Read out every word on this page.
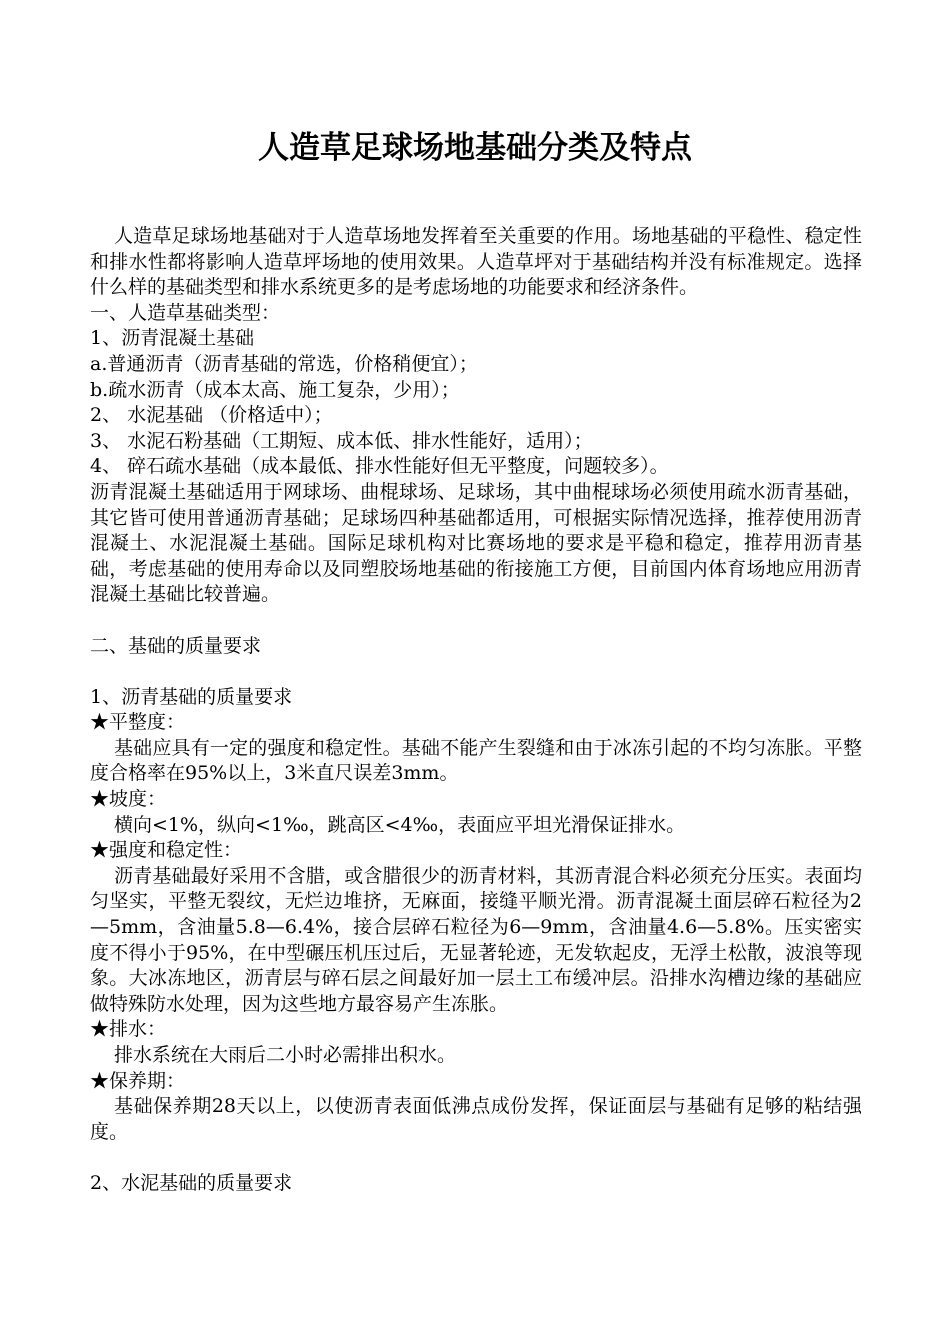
人造草足球场地基础分类及特点

人造草足球场地基础对于人造草场地发挥着至关重要的作用。场地基础的平稳性、稳定性和排水性都将影响人造草坪场地的使用效果。人造草坪对于基础结构并没有标准规定。选择什么样的基础类型和排水系统更多的是考虑场地的功能要求和经济条件。

一、人造草基础类型：

1、沥青混凝土基础

a.普通沥青（沥青基础的常选，价格稍便宜）；

b.疏水沥青（成本太高、施工复杂，少用）；

2、 水泥基础 （价格适中）；

3、 水泥石粉基础（工期短、成本低、排水性能好，适用）；

4、 碎石疏水基础（成本最低、排水性能好但无平整度，问题较多）。

沥青混凝土基础适用于网球场、曲棍球场、足球场，其中曲棍球场必须使用疏水沥青基础，其它皆可使用普通沥青基础；足球场四种基础都适用，可根据实际情况选择，推荐使用沥青混凝土、水泥混凝土基础。国际足球机构对比赛场地的要求是平稳和稳定，推荐用沥青基础，考虑基础的使用寿命以及同塑胶场地基础的衔接施工方便，目前国内体育场地应用沥青混凝土基础比较普遍。

二、基础的质量要求

1、沥青基础的质量要求

★平整度：

基础应具有一定的强度和稳定性。基础不能产生裂缝和由于冰冻引起的不均匀冻胀。平整度合格率在95%以上，3米直尺误差3mm。

★坡度：

横向<1%，纵向<1‰，跳高区<4‰，表面应平坦光滑保证排水。

★强度和稳定性：

沥青基础最好采用不含腊，或含腊很少的沥青材料，其沥青混合料必须充分压实。表面均匀坚实，平整无裂纹，无烂边堆挤，无麻面，接缝平顺光滑。沥青混凝土面层碎石粒径为2—5mm，含油量5.8—6.4%，接合层碎石粒径为6—9mm，含油量4.6—5.8%。压实密实度不得小于95%，在中型碾压机压过后，无显著轮迹，无发软起皮，无浮土松散，波浪等现象。大冰冻地区，沥青层与碎石层之间最好加一层土工布缓冲层。沿排水沟槽边缘的基础应做特殊防水处理，因为这些地方最容易产生冻胀。

★排水：

排水系统在大雨后二小时必需排出积水。

★保养期：

基础保养期28天以上，以使沥青表面低沸点成份发挥，保证面层与基础有足够的粘结强度。

2、水泥基础的质量要求
